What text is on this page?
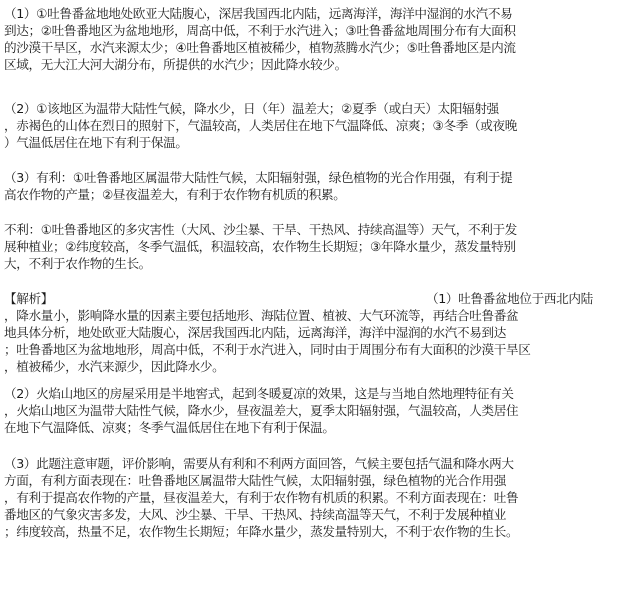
（1）①吐鲁番盆地地处欧亚大陆腹心，深居我国西北内陆，远离海洋，海洋中湿润的水汽不易
到达；②吐鲁番地区为盆地地形，周高中低，不利于水汽进入；③吐鲁番盆地周围分布有大面积
的沙漠干旱区，水汽来源太少；④吐鲁番地区植被稀少，植物蒸腾水汽少；⑤吐鲁番地区是内流
区域，无大江大河大湖分布，所提供的水汽少；因此降水较少。
（2）①该地区为温带大陆性气候，降水少，日（年）温差大；②夏季（或白天）太阳辐射强
，赤褐色的山体在烈日的照射下，气温较高，人类居住在地下气温降低、凉爽；③冬季（或夜晚
）气温低居住在地下有利于保温。
（3）有利：①吐鲁番地区属温带大陆性气候，太阳辐射强，绿色植物的光合作用强，有利于提
高农作物的产量；②昼夜温差大，有利于农作物有机质的积累。
不利：①吐鲁番地区的多灾害性（大风、沙尘暴、干旱、干热风、持续高温等）天气，不利于发
展种植业；②纬度较高，冬季气温低，积温较高，农作物生长期短；③年降水量少，蒸发量特别
大，不利于农作物的生长。
【解析】	（1）吐鲁番盆地位于西北内陆
，降水量小，影响降水量的因素主要包括地形、海陆位置、植被、大气环流等，再结合吐鲁番盆
地具体分析，地处欧亚大陆腹心，深居我国西北内陆，远离海洋，海洋中湿润的水汽不易到达
；吐鲁番地区为盆地地形，周高中低，不利于水汽进入，同时由于周围分布有大面积的沙漠干旱区
，植被稀少，水汽来源少，因此降水少。
（2）火焰山地区的房屋采用是半地窖式，起到冬暖夏凉的效果，这是与当地自然地理特征有关
，火焰山地区为温带大陆性气候，降水少，昼夜温差大，夏季太阳辐射强，气温较高，人类居住
在地下气温降低、凉爽；冬季气温低居住在地下有利于保温。
（3）此题注意审题，评价影响，需要从有利和不利两方面回答，气候主要包括气温和降水两大
方面，有利方面表现在：吐鲁番地区属温带大陆性气候，太阳辐射强，绿色植物的光合作用强
，有利于提高农作物的产量，昼夜温差大，有利于农作物有机质的积累。不利方面表现在：吐鲁
番地区的气象灾害多发，大风、沙尘暴、干旱、干热风、持续高温等天气，不利于发展种植业
；纬度较高，热量不足，农作物生长期短；年降水量少，蒸发量特别大，不利于农作物的生长。
